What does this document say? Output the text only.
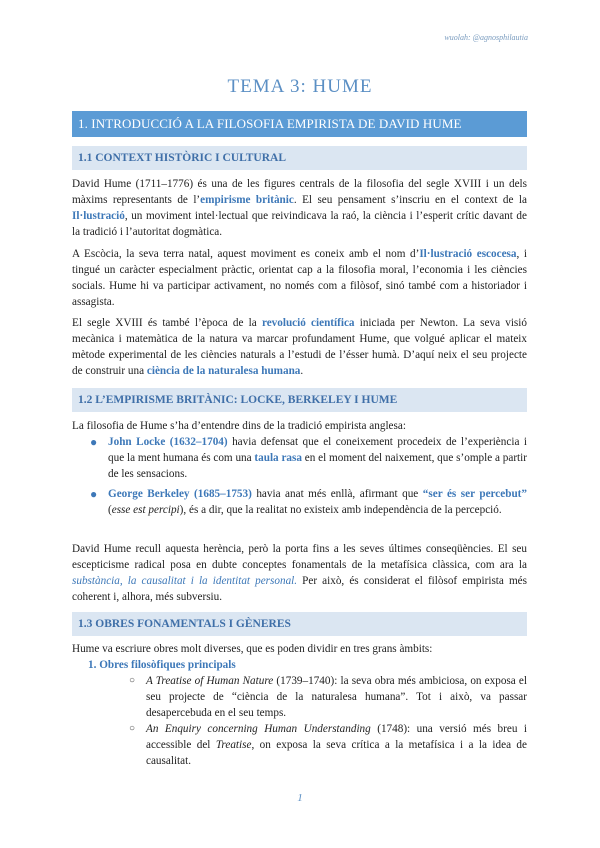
wuolah: @agnosphilautia
TEMA 3: HUME
1. INTRODUCCIÓ A LA FILOSOFIA EMPIRISTA DE DAVID HUME
1.1 CONTEXT HISTÒRIC I CULTURAL

David Hume (1711–1776) és una de les figures centrals de la filosofia del segle XVIII i un dels màxims representants de l’empirisme britànic. El seu pensament s’inscriu en el context de la Il·lustració, un moviment intel·lectual que reivindicava la raó, la ciència i l’esperit crític davant de la tradició i l’autoritat dogmàtica.

A Escòcia, la seva terra natal, aquest moviment es coneix amb el nom d’Il·lustració escocesa, i tingué un caràcter especialment pràctic, orientat cap a la filosofia moral, l’economia i les ciències socials. Hume hi va participar activament, no només com a filòsof, sinó també com a historiador i assagista.

El segle XVIII és també l’època de la revolució científica iniciada per Newton. La seva visió mecànica i matemàtica de la natura va marcar profundament Hume, que volgué aplicar el mateix mètode experimental de les ciències naturals a l’estudi de l’ésser humà. D’aquí neix el seu projecte de construir una ciència de la naturalesa humana.

1.2 L’EMPIRISME BRITÀNIC: LOCKE, BERKELEY I HUME

La filosofia de Hume s’ha d’entendre dins de la tradició empirista anglesa:

● John Locke (1632–1704) havia defensat que el coneixement procedeix de l’experiència i que la ment humana és com una taula rasa en el moment del naixement, que s’omple a partir de les sensacions.

● George Berkeley (1685–1753) havia anat més enllà, afirmant que “ser és ser percebut” (esse est percipi), és a dir, que la realitat no existeix amb independència de la percepció.

David Hume recull aquesta herència, però la porta fins a les seves últimes conseqüències. El seu escepticisme radical posa en dubte conceptes fonamentals de la metafísica clàssica, com ara la substància, la causalitat i la identitat personal. Per això, és considerat el filòsof empirista més coherent i, alhora, més subversiu.

1.3 OBRES FONAMENTALS I GÈNERES

Hume va escriure obres molt diverses, que es poden dividir en tres grans àmbits:

1. Obres filosòfiques principals

○ A Treatise of Human Nature (1739–1740): la seva obra més ambiciosa, on exposa el seu projecte de “ciència de la naturalesa humana”. Tot i això, va passar desapercebuda en el seu temps.

○ An Enquiry concerning Human Understanding (1748): una versió més breu i accessible del Treatise, on exposa la seva crítica a la metafísica i a la idea de causalitat.

1
